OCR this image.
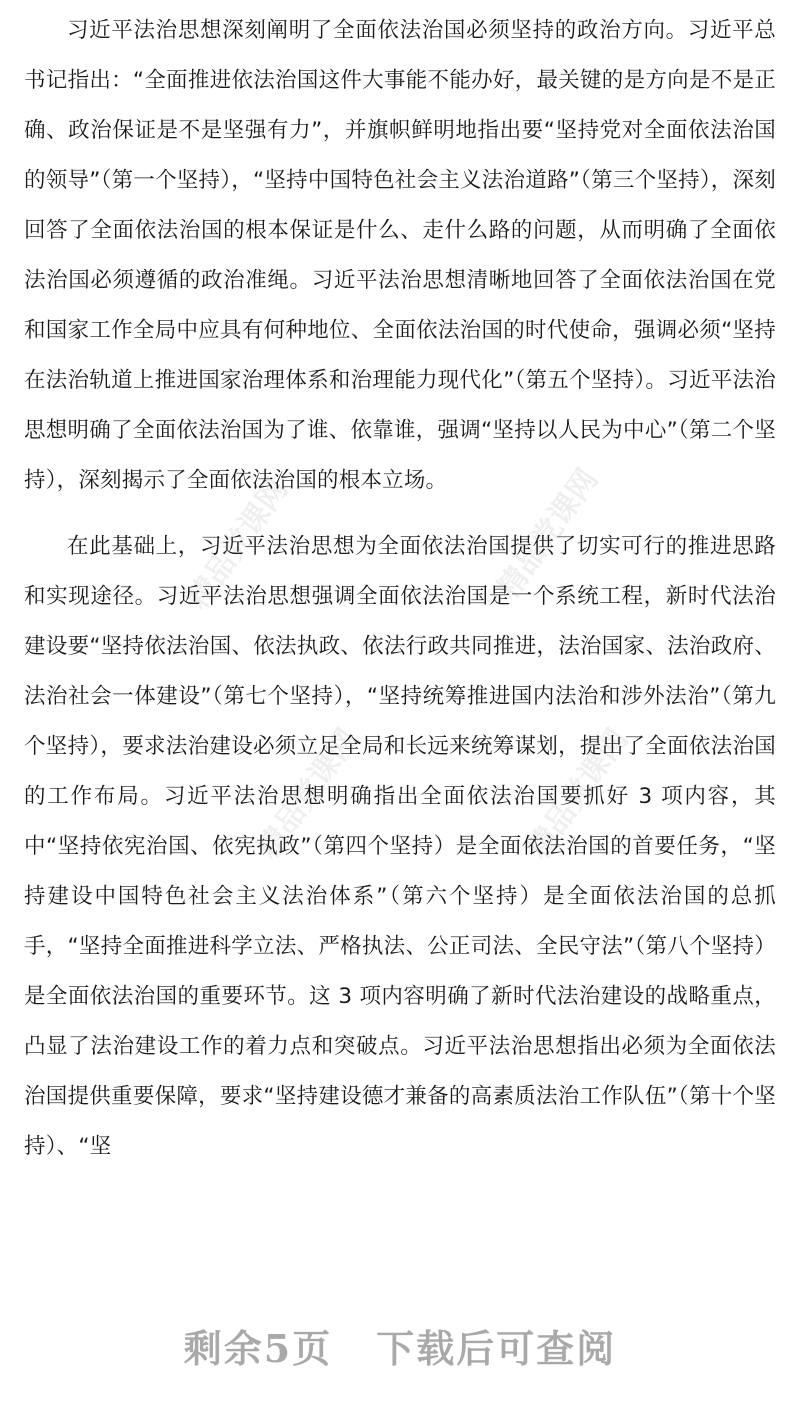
精品党课网	精品党课网
精品党课网	精品党课网

习近平法治思想深刻阐明了全面依法治国必须坚持的政治方向。习近平总书记指出：“全面推进依法治国这件大事能不能办好，最关键的是方向是不是正确、政治保证是不是坚强有力”，并旗帜鲜明地指出要“坚持党对全面依法治国的领导”（第一个坚持），“坚持中国特色社会主义法治道路”（第三个坚持），深刻回答了全面依法治国的根本保证是什么、走什么路的问题，从而明确了全面依法治国必须遵循的政治准绳。习近平法治思想清晰地回答了全面依法治国在党和国家工作全局中应具有何种地位、全面依法治国的时代使命，强调必须“坚持在法治轨道上推进国家治理体系和治理能力现代化”（第五个坚持）。习近平法治思想明确了全面依法治国为了谁、依靠谁，强调“坚持以人民为中心”（第二个坚持），深刻揭示了全面依法治国的根本立场。

在此基础上，习近平法治思想为全面依法治国提供了切实可行的推进思路和实现途径。习近平法治思想强调全面依法治国是一个系统工程，新时代法治建设要“坚持依法治国、依法执政、依法行政共同推进，法治国家、法治政府、法治社会一体建设”（第七个坚持），“坚持统筹推进国内法治和涉外法治”（第九个坚持），要求法治建设必须立足全局和长远来统筹谋划，提出了全面依法治国的工作布局。习近平法治思想明确指出全面依法治国要抓好 3 项内容，其中“坚持依宪治国、依宪执政”（第四个坚持）是全面依法治国的首要任务，“坚持建设中国特色社会主义法治体系”（第六个坚持）是全面依法治国的总抓手，“坚持全面推进科学立法、严格执法、公正司法、全民守法”（第八个坚持）是全面依法治国的重要环节。这 3 项内容明确了新时代法治建设的战略重点，凸显了法治建设工作的着力点和突破点。习近平法治思想指出必须为全面依法治国提供重要保障，要求“坚持建设德才兼备的高素质法治工作队伍”（第十个坚持）、“坚

剩余5页 下载后可查阅
